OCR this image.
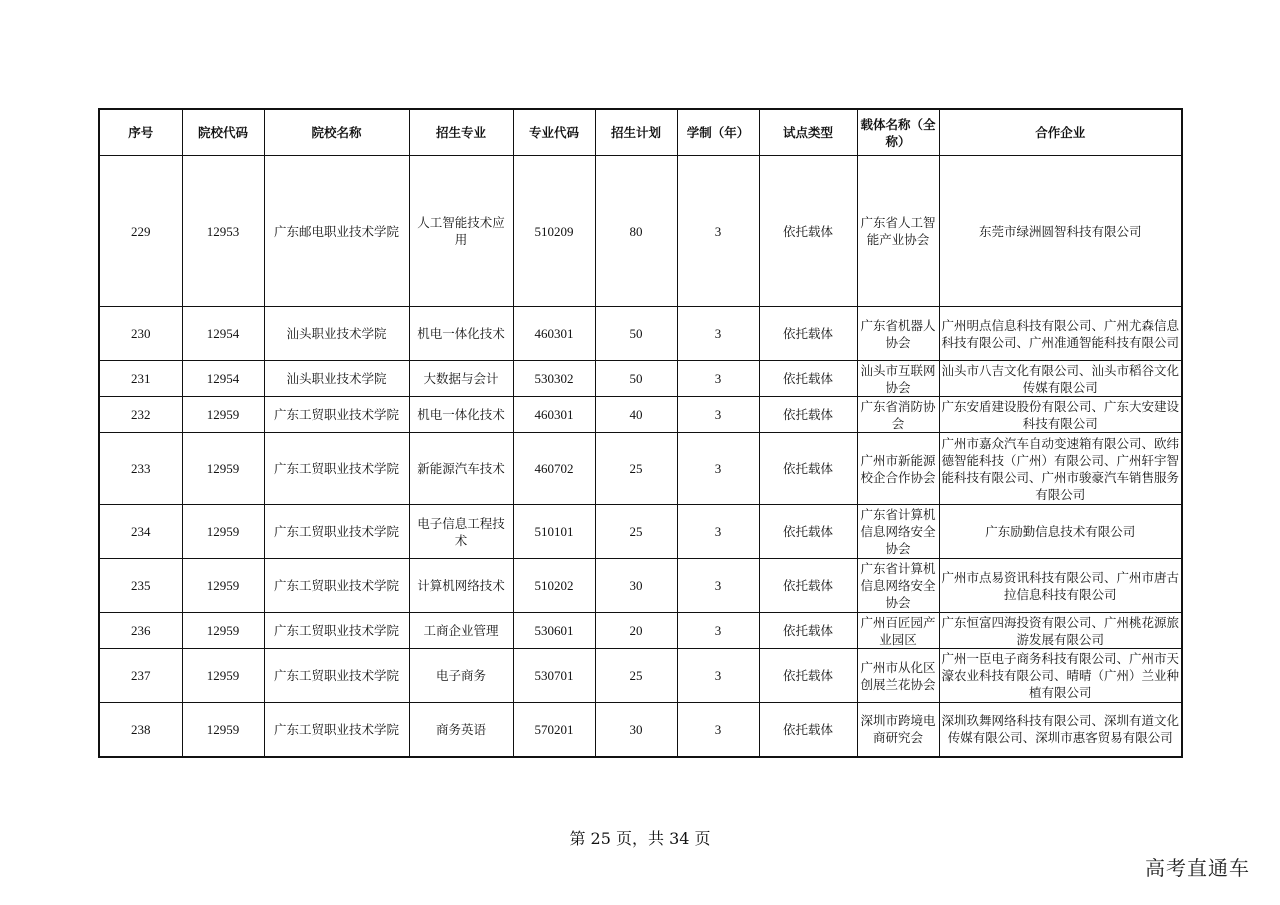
序号	院校代码	院校名称	招生专业	专业代码	招生计划	学制（年）	试点类型	载体名称（全称）	合作企业
229	12953	广东邮电职业技术学院	人工智能技术应用	510209	80	3	依托载体	广东省人工智能产业协会	东莞市绿洲圆智科技有限公司
230	12954	汕头职业技术学院	机电一体化技术	460301	50	3	依托载体	广东省机器人协会	广州明点信息科技有限公司、广州尤森信息科技有限公司、广州准通智能科技有限公司
231	12954	汕头职业技术学院	大数据与会计	530302	50	3	依托载体	汕头市互联网协会	汕头市八吉文化有限公司、汕头市稻谷文化传媒有限公司
232	12959	广东工贸职业技术学院	机电一体化技术	460301	40	3	依托载体	广东省消防协会	广东安盾建设股份有限公司、广东大安建设科技有限公司
233	12959	广东工贸职业技术学院	新能源汽车技术	460702	25	3	依托载体	广州市新能源校企合作协会	广州市嘉众汽车自动变速箱有限公司、欧纬德智能科技（广州）有限公司、广州轩宇智能科技有限公司、广州市骏豪汽车销售服务有限公司
234	12959	广东工贸职业技术学院	电子信息工程技术	510101	25	3	依托载体	广东省计算机信息网络安全协会	广东励勤信息技术有限公司
235	12959	广东工贸职业技术学院	计算机网络技术	510202	30	3	依托载体	广东省计算机信息网络安全协会	广州市点易资讯科技有限公司、广州市唐古拉信息科技有限公司
236	12959	广东工贸职业技术学院	工商企业管理	530601	20	3	依托载体	广州百匠园产业园区	广东恒富四海投资有限公司、广州桃花源旅游发展有限公司
237	12959	广东工贸职业技术学院	电子商务	530701	25	3	依托载体	广州市从化区创展兰花协会	广州一臣电子商务科技有限公司、广州市天濠农业科技有限公司、晴晴（广州）兰业种植有限公司
238	12959	广东工贸职业技术学院	商务英语	570201	30	3	依托载体	深圳市跨境电商研究会	深圳玖舞网络科技有限公司、深圳有道文化传媒有限公司、深圳市惠客贸易有限公司
第 25 页，共 34 页
高考直通车
